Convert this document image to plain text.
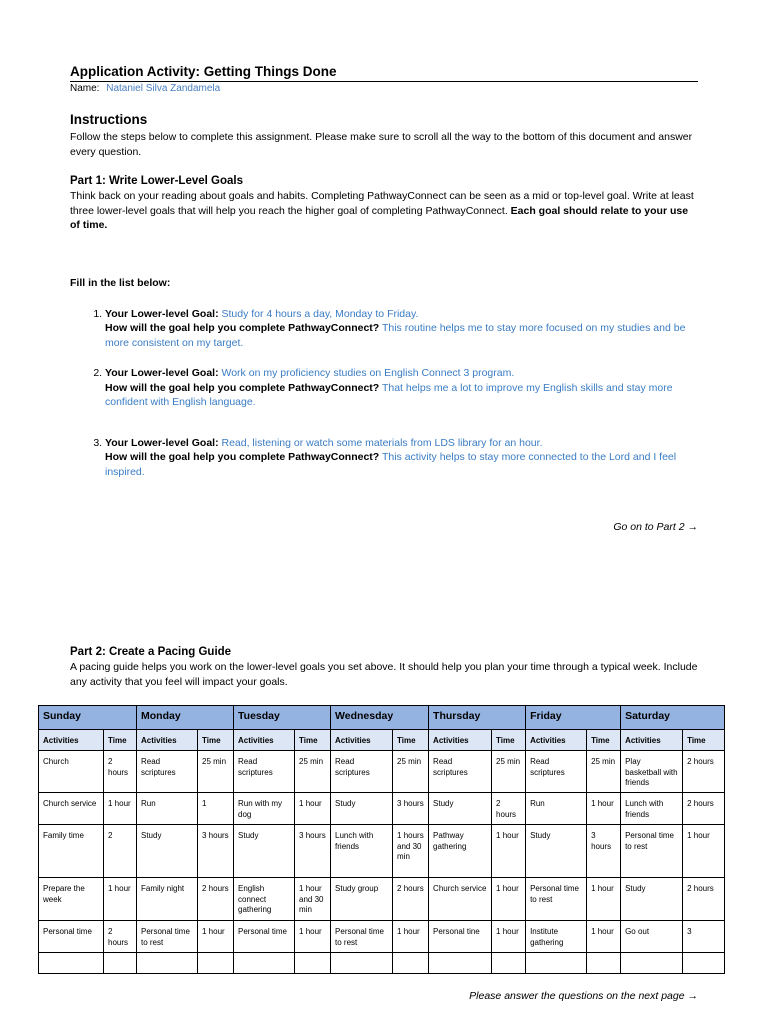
Application Activity: Getting Things Done
Name: Nataniel Silva Zandamela
Instructions

Follow the steps below to complete this assignment. Please make sure to scroll all the way to the bottom of this document and answer every question.

Part 1: Write Lower-Level Goals

Think back on your reading about goals and habits. Completing PathwayConnect can be seen as a mid or top-level goal. Write at least three lower-level goals that will help you reach the higher goal of completing PathwayConnect. Each goal should relate to your use of time.

Fill in the list below:
1. Your Lower-level Goal: Study for 4 hours a day, Monday to Friday.
How will the goal help you complete PathwayConnect? This routine helps me to stay more focused on my studies and be more consistent on my target.
2. Your Lower-level Goal: Work on my proficiency studies on English Connect 3 program.
How will the goal help you complete PathwayConnect? That helps me a lot to improve my English skills and stay more confident with English language.
3. Your Lower-level Goal: Read, listening or watch some materials from LDS library for an hour.
How will the goal help you complete PathwayConnect? This activity helps to stay more connected to the Lord and I feel inspired.
Go on to Part 2 →
Part 2: Create a Pacing Guide

A pacing guide helps you work on the lower-level goals you set above. It should help you plan your time through a typical week. Include any activity that you feel will impact your goals.

Sunday		Monday		Tuesday		Wednesday		Thursday		Friday		Saturday	
Activities	Time	Activities	Time	Activities	Time	Activities	Time	Activities	Time	Activities	Time	Activities	Time
Church	2 hours	Read scriptures	25 min	Read scriptures	25 min	Read scriptures	25 min	Read scriptures	25 min	Read scriptures	25 min	Play basketball with friends	2 hours
Church service	1 hour	Run	1	Run with my dog	1 hour	Study	3 hours	Study	2 hours	Run	1 hour	Lunch with friends	2 hours
Family time	2	Study	3 hours	Study	3 hours	Lunch with friends	1 hours and 30 min	Pathway gathering	1 hour	Study	3 hours	Personal time to rest	1 hour
Prepare the week	1 hour	Family night	2 hours	English connect gathering	1 hour and 30 min	Study group	2 hours	Church service	1 hour	Personal time to rest	1 hour	Study	2 hours
Personal time	2 hours	Personal time to rest	1 hour	Personal time	1 hour	Personal time to rest	1 hour	Personal tine	1 hour	Institute gathering	1 hour	Go out	3

Please answer the questions on the next page →
